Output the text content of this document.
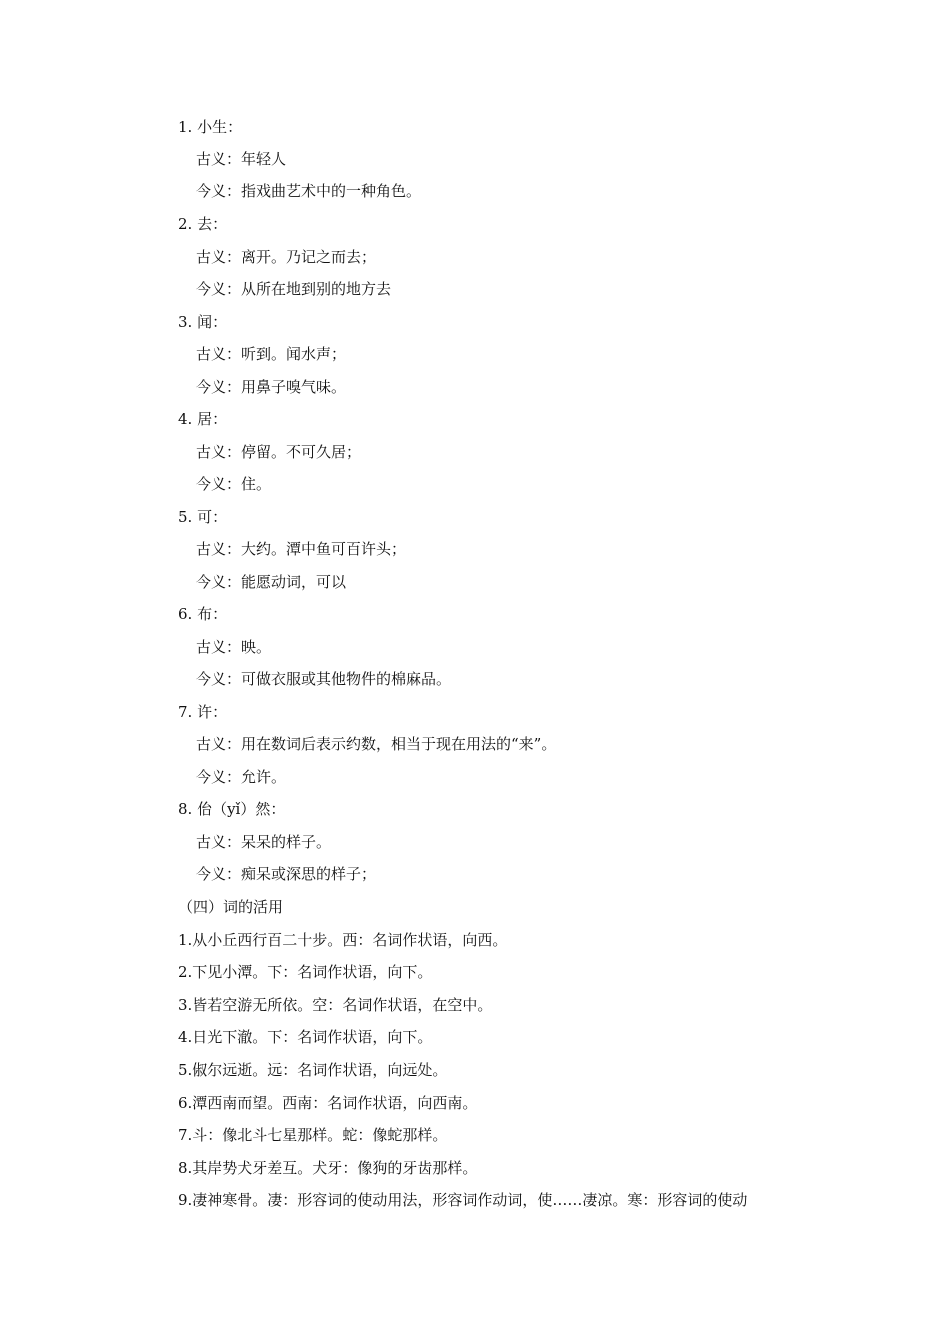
1. 小生：
古义：年轻人
今义：指戏曲艺术中的一种角色。
2. 去：
古义：离开。乃记之而去；
今义：从所在地到别的地方去
3. 闻：
古义：听到。闻水声；
今义：用鼻子嗅气味。
4. 居：
古义：停留。不可久居；
今义：住。
5. 可：
古义：大约。潭中鱼可百许头；
今义：能愿动词，可以
6. 布：
古义：映。
今义：可做衣服或其他物件的棉麻品。
7. 许：
古义：用在数词后表示约数，相当于现在用法的“来”。
今义：允许。
8. 佁（yǐ）然：
古义：呆呆的样子。
今义：痴呆或深思的样子；
（四）词的活用
1.从小丘西行百二十步。西：名词作状语，向西。
2.下见小潭。下：名词作状语，向下。
3.皆若空游无所依。空：名词作状语，在空中。
4.日光下澈。下：名词作状语，向下。
5.俶尔远逝。远：名词作状语，向远处。
6.潭西南而望。西南：名词作状语，向西南。
7.斗：像北斗七星那样。蛇：像蛇那样。
8.其岸势犬牙差互。犬牙：像狗的牙齿那样。
9.凄神寒骨。凄：形容词的使动用法，形容词作动词，使……凄凉。寒：形容词的使动
